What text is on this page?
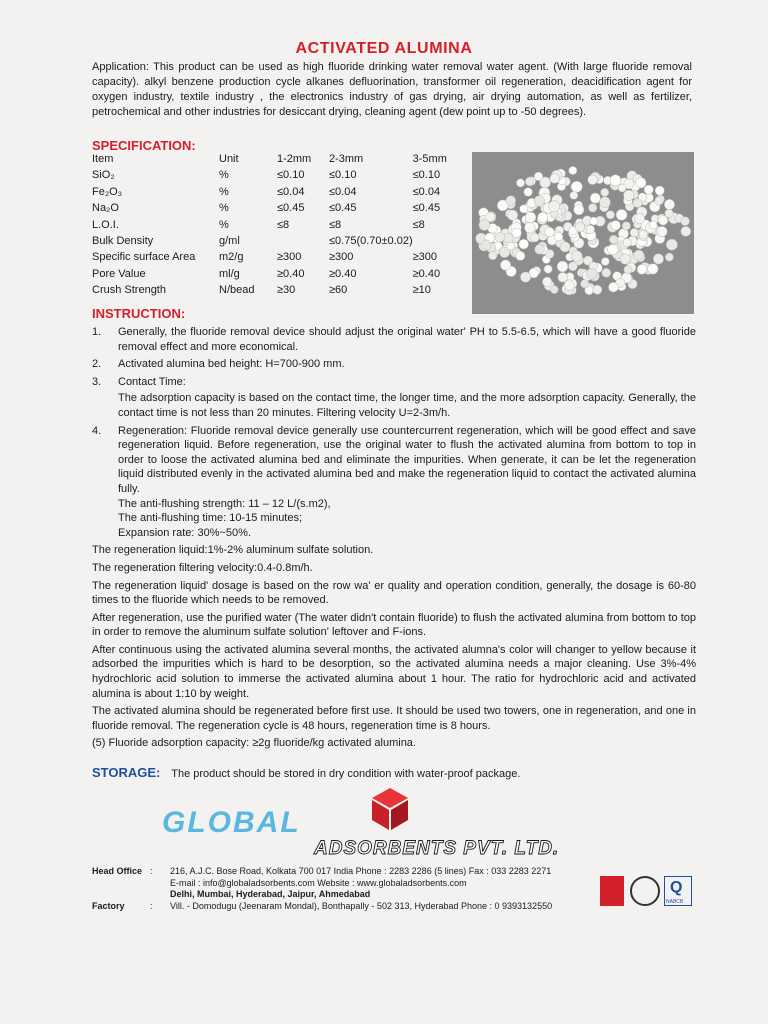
ACTIVATED ALUMINA
Application: This product can be used as high fluoride drinking water removal water agent. (With large fluoride removal capacity). alkyl benzene production cycle alkanes defluorination, transformer oil regeneration, deacidification agent for oxygen industry, textile industry , the electronics industry of gas drying, air drying automation, as well as fertilizer, petrochemical and other industries for desiccant drying, cleaning agent (dew point up to -50 degrees).
SPECIFICATION:
Item	Unit	1-2mm	2-3mm	3-5mm
SiO₂	%	≤0.10	≤0.10	≤0.10
Fe₂O₃	%	≤0.04	≤0.04	≤0.04
Na₂O	%	≤0.45	≤0.45	≤0.45
L.O.I.	%	≤8	≤8	≤8
Bulk Density	g/ml		≤0.75(0.70±0.02)	
Specific surface Area	m2/g	≥300	≥300	≥300
Pore Value	ml/g	≥0.40	≥0.40	≥0.40
Crush Strength	N/bead	≥30	≥60	≥10
INSTRUCTION:
1. Generally, the fluoride removal device should adjust the original water' PH to 5.5-6.5, which will have a good fluoride removal effect and more economical.
2. Activated alumina bed height: H=700-900 mm.
3. Contact Time:
The adsorption capacity is based on the contact time, the longer time, and the more adsorption capacity. Generally, the contact time is not less than 20 minutes. Filtering velocity U=2-3m/h.
4. Regeneration: Fluoride removal device generally use countercurrent regeneration, which will be good effect and save regeneration liquid. Before regeneration, use the original water to flush the activated alumina from bottom to top in order to loose the activated alumina bed and eliminate the impurities. When generate, it can be let the regeneration liquid distributed evenly in the activated alumina bed and make the regeneration liquid to contact the activated alumina fully.
The anti-flushing strength: 11 – 12 L/(s.m2),
The anti-flushing time: 10-15 minutes;
Expansion rate: 30%~50%.
The regeneration liquid:1%-2% aluminum sulfate solution.
The regeneration filtering velocity:0.4-0.8m/h.
The regeneration liquid' dosage is based on the row wa' er quality and operation condition, generally, the dosage is 60-80 times to the fluoride which needs to be removed.
After regeneration, use the purified water (The water didn't contain fluoride) to flush the activated alumina from bottom to top in order to remove the aluminum sulfate solution' leftover and F-ions.
After continuous using the activated alumina several months, the activated alumna's color will changer to yellow because it adsorbed the impurities which is hard to be desorption, so the activated alumina needs a major cleaning. Use 3%-4% hydrochloric acid solution to immerse the activated alumina about 1 hour. The ratio for hydrochloric acid and activated alumina is about 1:10 by weight.
The activated alumina should be regenerated before first use. It should be used two towers, one in regeneration, and one in fluoride removal. The regeneration cycle is 48 hours, regeneration time is 8 hours.
(5) Fluoride adsorption capacity: ≥2g fluoride/kg activated alumina.
STORAGE: The product should be stored in dry condition with water-proof package.
GLOBAL
ADSORBENTS PVT. LTD.
Head Office :	216, A.J.C. Bose Road, Kolkata 700 017 India Phone : 2283 2286 (5 lines) Fax : 033 2283 2271
E-mail : info@globaladsorbents.com Website : www.globaladsorbents.com
Delhi, Mumbai, Hyderabad, Jaipur, Ahmedabad
Factory	:	Vill. - Domodugu (Jeenaram Mondal), Bonthapally - 502 313, Hyderabad Phone : 0 9393132550
Q
NABCB
